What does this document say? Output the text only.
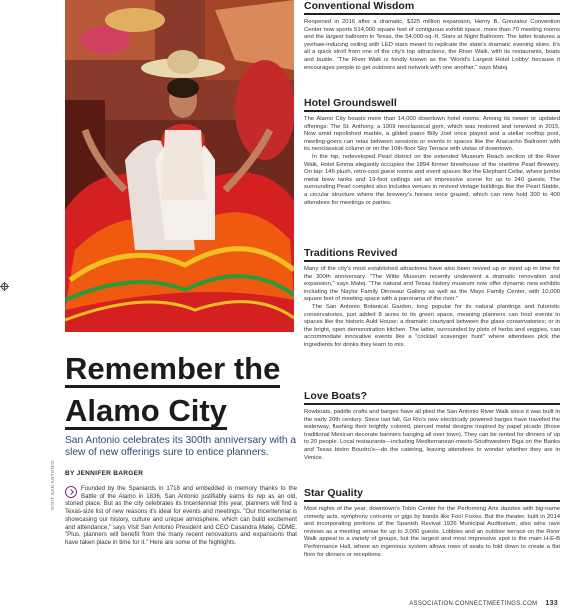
Remember the
Alamo City
San Antonio celebrates its 300th anniversary with a slew of new offerings sure to entice planners.
BY JENNIFER BARGER
VISIT SAN ANTONIO	Founded by the Spaniards in 1718 and embedded in memory thanks to the Battle of the Alamo in 1836, San Antonio justifiably earns its rep as an old, storied place. But as the city celebrates its tricentennial this year, planners will find a Texas-size list of new reasons it's ideal for events and meetings. "Our tricentennial is showcasing our history, culture and unique atmosphere, which can build excitement and attendance," says Visit San Antonio President and CEO Casandra Matej, CDME. "Plus, planners will benefit from the many recent renovations and expansions that have taken place in time for it." Here are some of the highlights.
Conventional Wisdom

Reopened in 2016 after a dramatic, $325 million expansion, Henry B. Gonzalez Convention Center now sports 514,000 square feet of contiguous exhibit space, more than 70 meeting rooms and the largest ballroom in Texas, the 54,000-sq.-ft. Stars at Night Ballroom. The latter features a yeehaw-inducing ceiling with LED stars meant to replicate the state's dramatic evening skies. It's all a quick stroll from one of the city's top attractions, the River Walk, with its restaurants, boats and bustle. "The River Walk is fondly known as the 'World's Largest Hotel Lobby' because it encourages people to get outdoors and network with one another," says Matej.

Hotel Groundswell

The Alamo City boasts more than 14,000 downtown hotel rooms. Among its newer or updated offerings: The St. Anthony, a 1909 neoclassical gem, which was restored and renewed in 2015. Now amid repolished marble, a gilded piano Billy Joel once played and a stellar rooftop pool, meeting-goers can relax between sessions or events in spaces like the Anacacho Ballroom with its neoclassical column or on the 10th-floor Sky Terrace with vistas of downtown.

In the hip, redeveloped Pearl district on the extended Museum Reach section of the River Walk, Hotel Emma elegantly occupies the 1894 former brewhouse of the onetime Pearl Brewery. On tap: 146 plush, retro-cool guest rooms and event spaces like the Elephant Cellar, where jumbo metal brew tanks and 19-foot ceilings set an impressive scene for up to 240 guests. The surrounding Pearl complex also includes venues in revived vintage buildings like the Pearl Stable, a circular structure where the brewery's horses once grazed, which can now hold 300 to 400 attendees for meetings or parties.

Traditions Revived

Many of the city's most established attractions have also been revved up or sized up in time for the 300th anniversary. "The Witte Museum recently underwent a dramatic renovation and expansion," says Matej. "The natural and Texas history museum now offer dynamic new exhibits including the Naylor Family Dinosaur Gallery as well as the Mays Family Center, with 10,000 square feet of meeting space with a panorama of the river."

The San Antonio Botanical Garden, long popular for its natural plantings and futuristic conservatories, just added 8 acres to its green space, meaning planners can host events in spaces like the historic Auld House; a dramatic courtyard between the glass conservatories; or in the bright, open demonstration kitchen. The latter, surrounded by plots of herbs and veggies, can accommodate innovative events like a "cocktail scavenger hunt" where attendees pick the ingredients for drinks they learn to mix.

Love Boats?

Rowboats, paddle crafts and barges have all plied the San Antonio River Walk since it was built in the early 20th century. Since last fall, Go Rio's new electrically powered barges have traveled the waterway, flashing their brightly colored, pierced metal designs inspired by papel picado (those traditional Mexican decorate banners hanging all over town). They can be rented for dinners of up to 20 people. Local restaurants—including Mediterranean-meets-Southwestern Biga on the Banks and Texas bistro Boudro's—do the catering, leaving attendees to wonder whether they are in Venice.

Star Quality

Most nights of the year, downtown's Tobin Center for the Performing Arts dazzles with big-name comedy acts, symphony concerts or gigs by bands like Foo! Foxes. But the theater, built in 2014 and incorporating portions of the Spanish Revival 1926 Municipal Auditorium, also wins rave reviews as a meeting venue for up to 3,000 guests. Lobbies and an outdoor terrace on the River Walk appeal to a variety of groups, but the largest and most impressive spot is the main H-E-B Performance Hall, where an ingenious system allows rows of seats to fold down to create a flat floor for dinners or receptions.

ASSOCIATION.CONNECTMEETINGS.COM 133
